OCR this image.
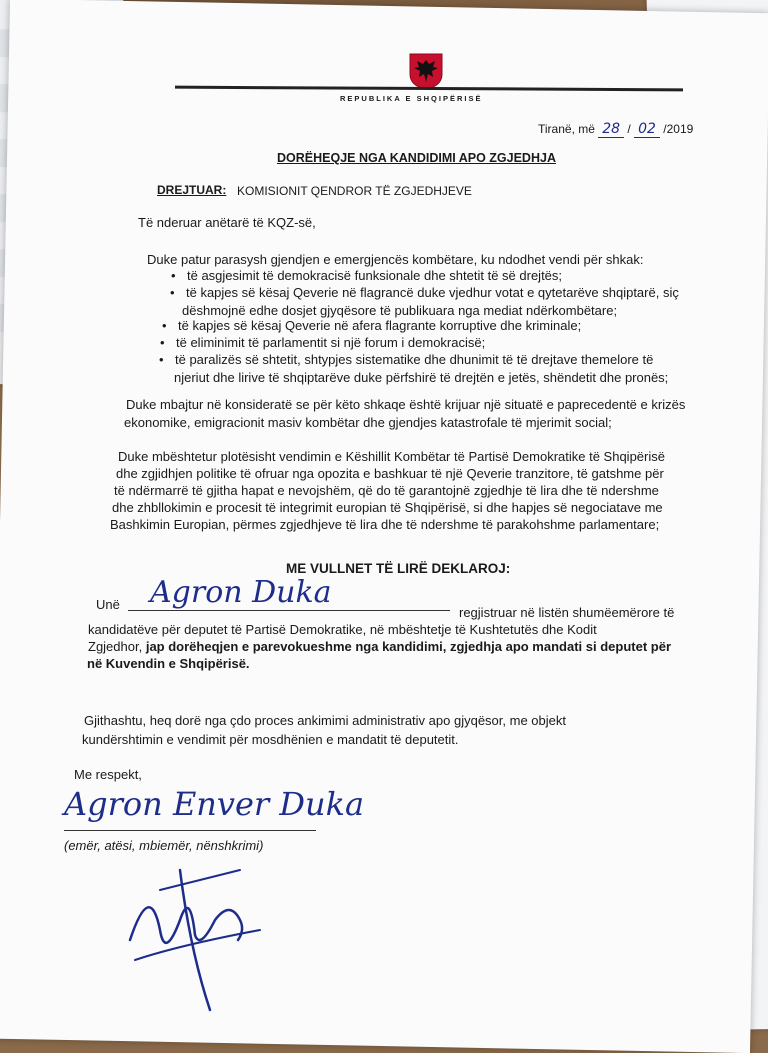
REPUBLIKA E SHQIPËRISË
Tiranë, më 28 / 02 /2019
DORËHEQJE NGA KANDIDIMI APO ZGJEDHJA
DREJTUAR: KOMISIONIT QENDROR TË ZGJEDHJEVE
Të nderuar anëtarë të KQZ-së,
Duke patur parasysh gjendjen e emergjencës kombëtare, ku ndodhet vendi për shkak:
• të asgjesimit të demokracisë funksionale dhe shtetit të së drejtës;
• të kapjes së kësaj Qeverie në flagrancë duke vjedhur votat e qytetarëve shqiptarë, siç
dëshmojnë edhe dosjet gjyqësore të publikuara nga mediat ndërkombëtare;
• të kapjes së kësaj Qeverie në afera flagrante korruptive dhe kriminale;
• të eliminimit të parlamentit si një forum i demokracisë;
• të paralizës së shtetit, shtypjes sistematike dhe dhunimit të të drejtave themelore të
njeriut dhe lirive të shqiptarëve duke përfshirë të drejtën e jetës, shëndetit dhe pronës;
Duke mbajtur në konsideratë se për këto shkaqe është krijuar një situatë e paprecedentë e krizës
ekonomike, emigracionit masiv kombëtar dhe gjendjes katastrofale të mjerimit social;
Duke mbështetur plotësisht vendimin e Këshillit Kombëtar të Partisë Demokratike të Shqipërisë
dhe zgjidhjen politike të ofruar nga opozita e bashkuar të një Qeverie tranzitore, të gatshme për
të ndërmarrë të gjitha hapat e nevojshëm, që do të garantojnë zgjedhje të lira dhe të ndershme
dhe zhbllokimin e procesit të integrimit europian të Shqipërisë, si dhe hapjes së negociatave me
Bashkimin Europian, përmes zgjedhjeve të lira dhe të ndershme të parakohshme parlamentare;
ME VULLNET TË LIRË DEKLAROJ:
Unë Agron Duka
regjistruar në listën shumëemërore të
kandidatëve për deputet të Partisë Demokratike, në mbështetje të Kushtetutës dhe Kodit
Zgjedhor, jap dorëheqjen e parevokueshme nga kandidimi, zgjedhja apo mandati si deputet për
në Kuvendin e Shqipërisë.
Gjithashtu, heq dorë nga çdo proces ankimimi administrativ apo gjyqësor, me objekt
kundërshtimin e vendimit për mosdhënien e mandatit të deputetit.
Me respekt,
Agron Enver Duka
(emër, atësi, mbiemër, nënshkrimi)
